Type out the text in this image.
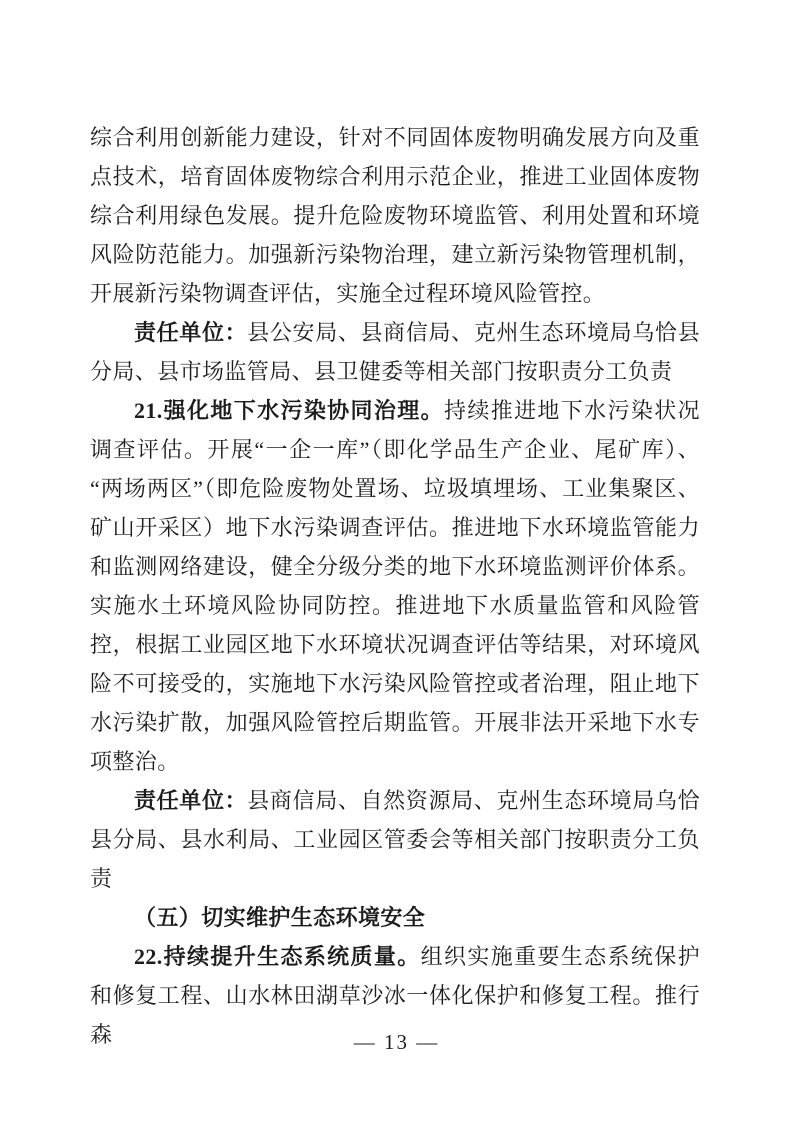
综合利用创新能力建设，针对不同固体废物明确发展方向及重点技术，培育固体废物综合利用示范企业，推进工业固体废物综合利用绿色发展。提升危险废物环境监管、利用处置和环境风险防范能力。加强新污染物治理，建立新污染物管理机制，开展新污染物调查评估，实施全过程环境风险管控。

责任单位：县公安局、县商信局、克州生态环境局乌恰县分局、县市场监管局、县卫健委等相关部门按职责分工负责

21.强化地下水污染协同治理。持续推进地下水污染状况调查评估。开展“一企一库”（即化学品生产企业、尾矿库）、“两场两区”（即危险废物处置场、垃圾填埋场、工业集聚区、矿山开采区）地下水污染调查评估。推进地下水环境监管能力和监测网络建设，健全分级分类的地下水环境监测评价体系。实施水土环境风险协同防控。推进地下水质量监管和风险管控，根据工业园区地下水环境状况调查评估等结果，对环境风险不可接受的，实施地下水污染风险管控或者治理，阻止地下水污染扩散，加强风险管控后期监管。开展非法开采地下水专项整治。

责任单位：县商信局、自然资源局、克州生态环境局乌恰县分局、县水利局、工业园区管委会等相关部门按职责分工负责

（五）切实维护生态环境安全

22.持续提升生态系统质量。组织实施重要生态系统保护和修复工程、山水林田湖草沙冰一体化保护和修复工程。推行森	— 13 —
